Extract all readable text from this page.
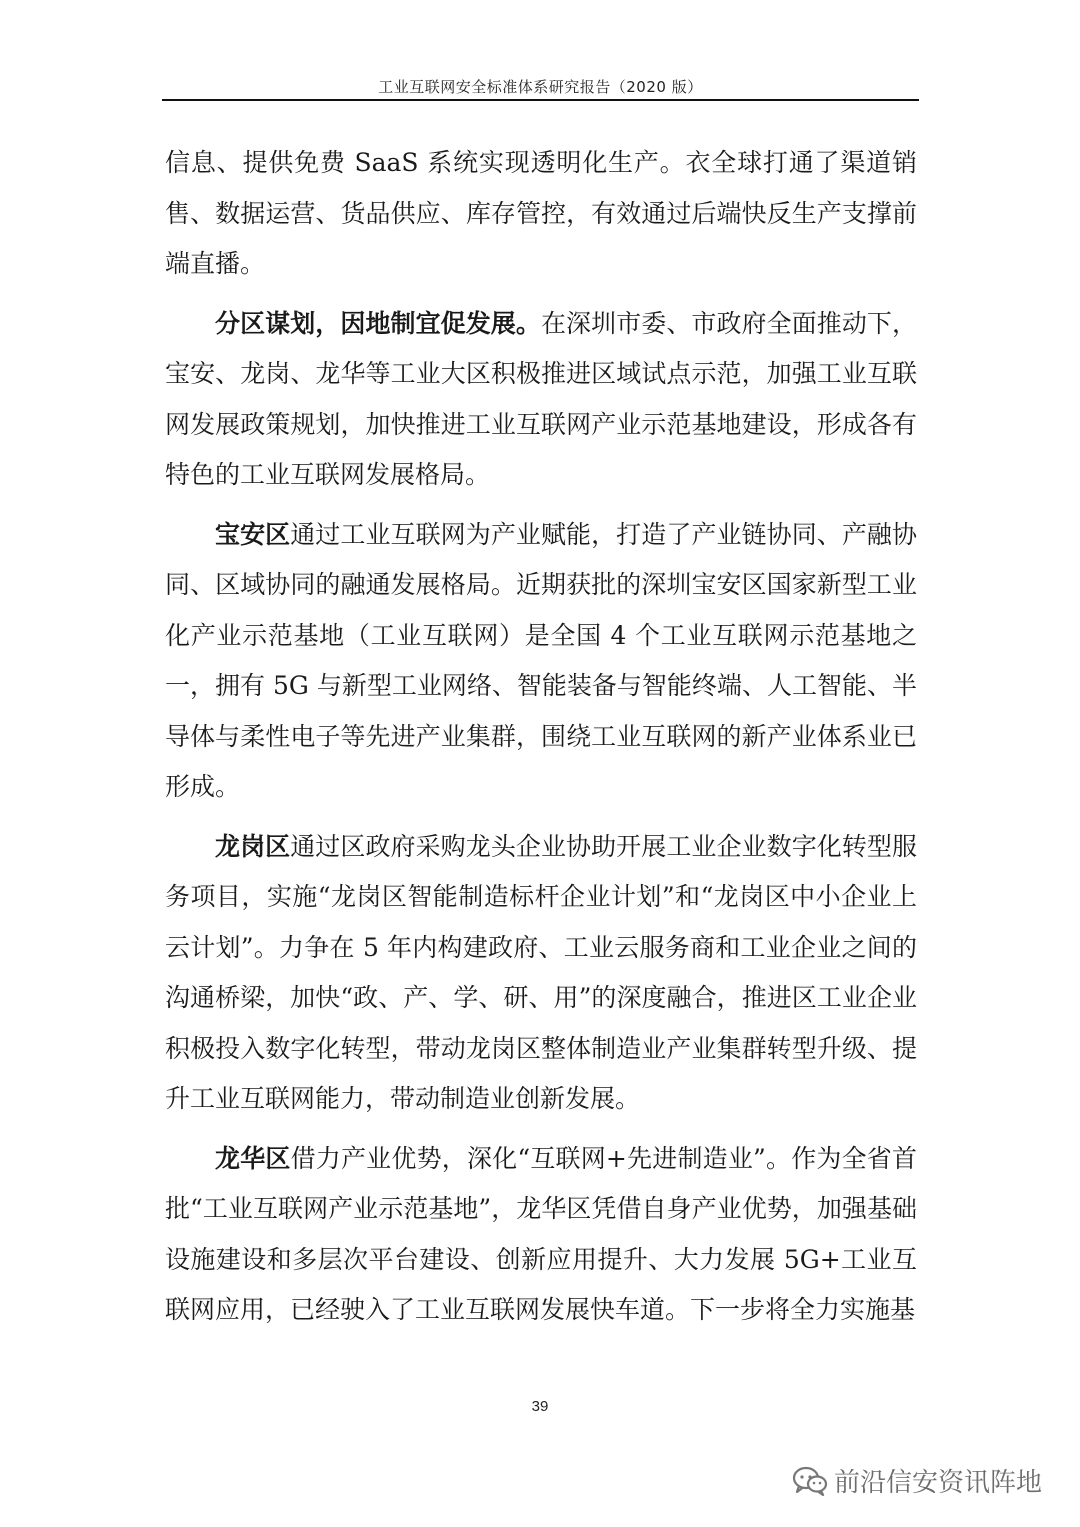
工业互联网安全标准体系研究报告（2020 版）

信息、提供免费 SaaS 系统实现透明化生产。衣全球打通了渠道销售、数据运营、货品供应、库存管控，有效通过后端快反生产支撑前端直播。

分区谋划，因地制宜促发展。在深圳市委、市政府全面推动下，宝安、龙岗、龙华等工业大区积极推进区域试点示范，加强工业互联网发展政策规划，加快推进工业互联网产业示范基地建设，形成各有特色的工业互联网发展格局。

宝安区通过工业互联网为产业赋能，打造了产业链协同、产融协同、区域协同的融通发展格局。近期获批的深圳宝安区国家新型工业化产业示范基地（工业互联网）是全国 4 个工业互联网示范基地之一，拥有 5G 与新型工业网络、智能装备与智能终端、人工智能、半导体与柔性电子等先进产业集群，围绕工业互联网的新产业体系业已形成。

龙岗区通过区政府采购龙头企业协助开展工业企业数字化转型服务项目，实施“龙岗区智能制造标杆企业计划”和“龙岗区中小企业上云计划”。力争在 5 年内构建政府、工业云服务商和工业企业之间的沟通桥梁，加快“政、产、学、研、用”的深度融合，推进区工业企业积极投入数字化转型，带动龙岗区整体制造业产业集群转型升级、提升工业互联网能力，带动制造业创新发展。

龙华区借力产业优势，深化“互联网+先进制造业”。作为全省首批“工业互联网产业示范基地”，龙华区凭借自身产业优势，加强基础设施建设和多层次平台建设、创新应用提升、大力发展 5G+工业互联网应用，已经驶入了工业互联网发展快车道。下一步将全力实施基

39
前沿信安资讯阵地
